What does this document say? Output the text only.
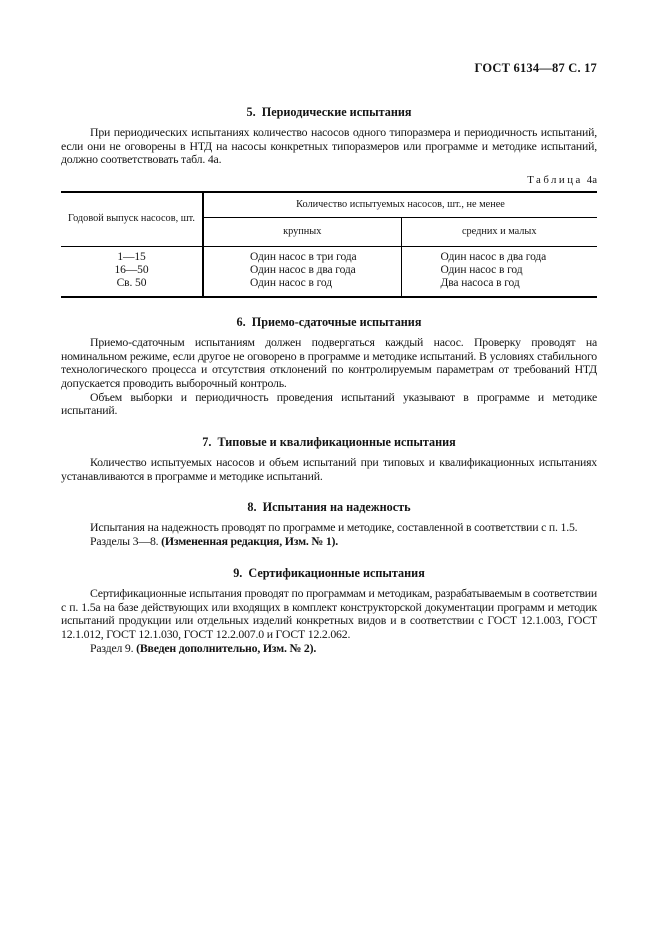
ГОСТ 6134—87 С. 17
5. Периодические испытания

При периодических испытаниях количество насосов одного типоразмера и периодичность испытаний, если они не оговорены в НТД на насосы конкретных типоразмеров или программе и методике испытаний, должно соответствовать табл. 4а.

Таблица 4а
Годовой выпуск насосов, шт.	Количество испытуемых насосов, шт., не менее	
	крупных	средних и малых
1—15	Один насос в три года	Один насос в два года
16—50	Один насос в два года	Один насос в год
Св. 50	Один насос в год	Два насоса в год
6. Приемо-сдаточные испытания

Приемо-сдаточным испытаниям должен подвергаться каждый насос. Проверку проводят на номинальном режиме, если другое не оговорено в программе и методике испытаний. В условиях стабильного технологического процесса и отсутствия отклонений по контролируемым параметрам от требований НТД допускается проводить выборочный контроль.

Объем выборки и периодичность проведения испытаний указывают в программе и методике испытаний.

7. Типовые и квалификационные испытания

Количество испытуемых насосов и объем испытаний при типовых и квалификационных испытаниях устанавливаются в программе и методике испытаний.

8. Испытания на надежность

Испытания на надежность проводят по программе и методике, составленной в соответствии с п. 1.5.

Разделы 3—8. (Измененная редакция, Изм. № 1).

9. Сертификационные испытания

Сертификационные испытания проводят по программам и методикам, разрабатываемым в соответствии с п. 1.5а на базе действующих или входящих в комплект конструкторской документации программ и методик испытаний продукции или отдельных изделий конкретных видов и в соответствии с ГОСТ 12.1.003, ГОСТ 12.1.012, ГОСТ 12.1.030, ГОСТ 12.2.007.0 и ГОСТ 12.2.062.

Раздел 9. (Введен дополнительно, Изм. № 2).
